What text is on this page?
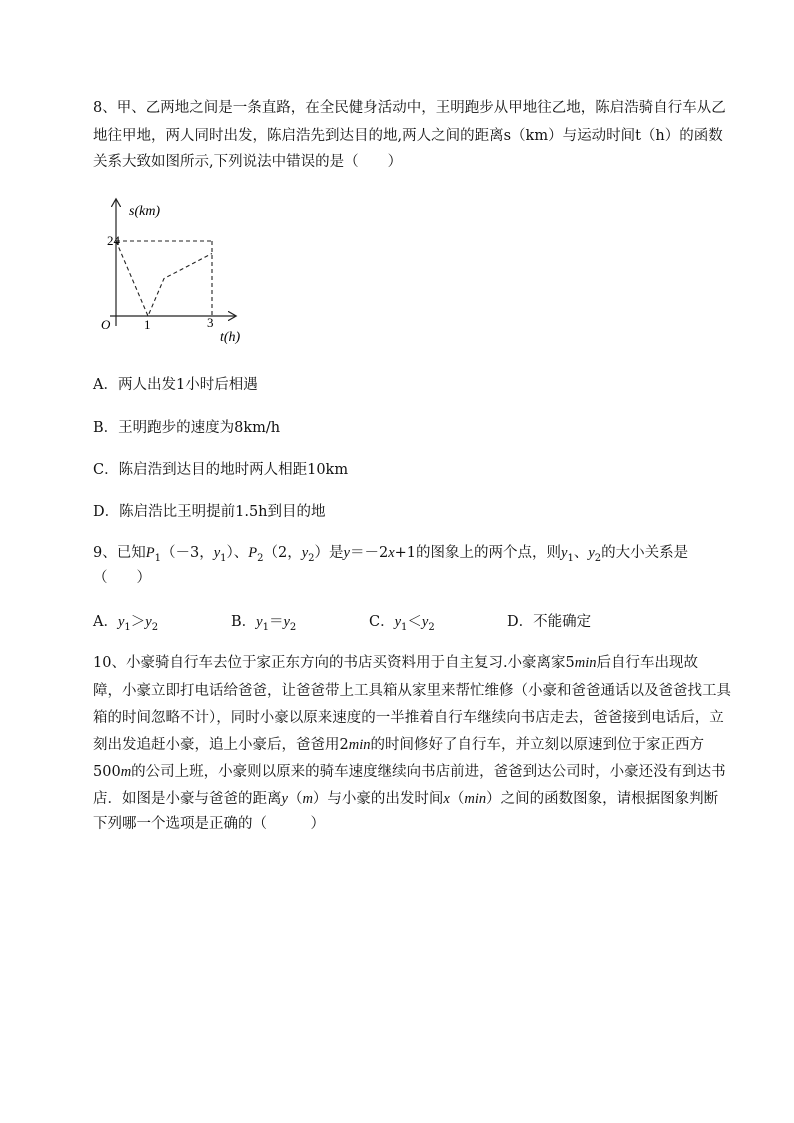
8、甲、乙两地之间是一条直路，在全民健身活动中，王明跑步从甲地往乙地，陈启浩骑自行车从乙
地往甲地，两人同时出发，陈启浩先到达目的地,两人之间的距离s（km）与运动时间t（h）的函数
关系大致如图所示,下列说法中错误的是（　　）
s(km)
24
O	1	3
t(h)
A．两人出发1小时后相遇
B．王明跑步的速度为8km/h
C．陈启浩到达目的地时两人相距10km
D．陈启浩比王明提前1.5h到目的地
9、已知$P_1(-3$，$y_1$）、$P_2(2$，$y_2$）是y＝－2x+1的图象上的两个点，则$y_1$、$y_2$的大小关系是
（　　）
A．$y_1>y_2$	B．$y_1=y_2$	C．$y_1<y_2$	D．不能确定
10、小豪骑自行车去位于家正东方向的书店买资料用于自主复习.小豪离家5min后自行车出现故
障，小豪立即打电话给爸爸，让爸爸带上工具箱从家里来帮忙维修（小豪和爸爸通话以及爸爸找工具
箱的时间忽略不计），同时小豪以原来速度的一半推着自行车继续向书店走去，爸爸接到电话后，立
刻出发追赶小豪，追上小豪后，爸爸用2min的时间修好了自行车，并立刻以原速到位于家正西方
500m的公司上班，小豪则以原来的骑车速度继续向书店前进，爸爸到达公司时，小豪还没有到达书
店．如图是小豪与爸爸的距离y（m）与小豪的出发时间x（min）之间的函数图象，请根据图象判断
下列哪一个选项是正确的（　　　）
